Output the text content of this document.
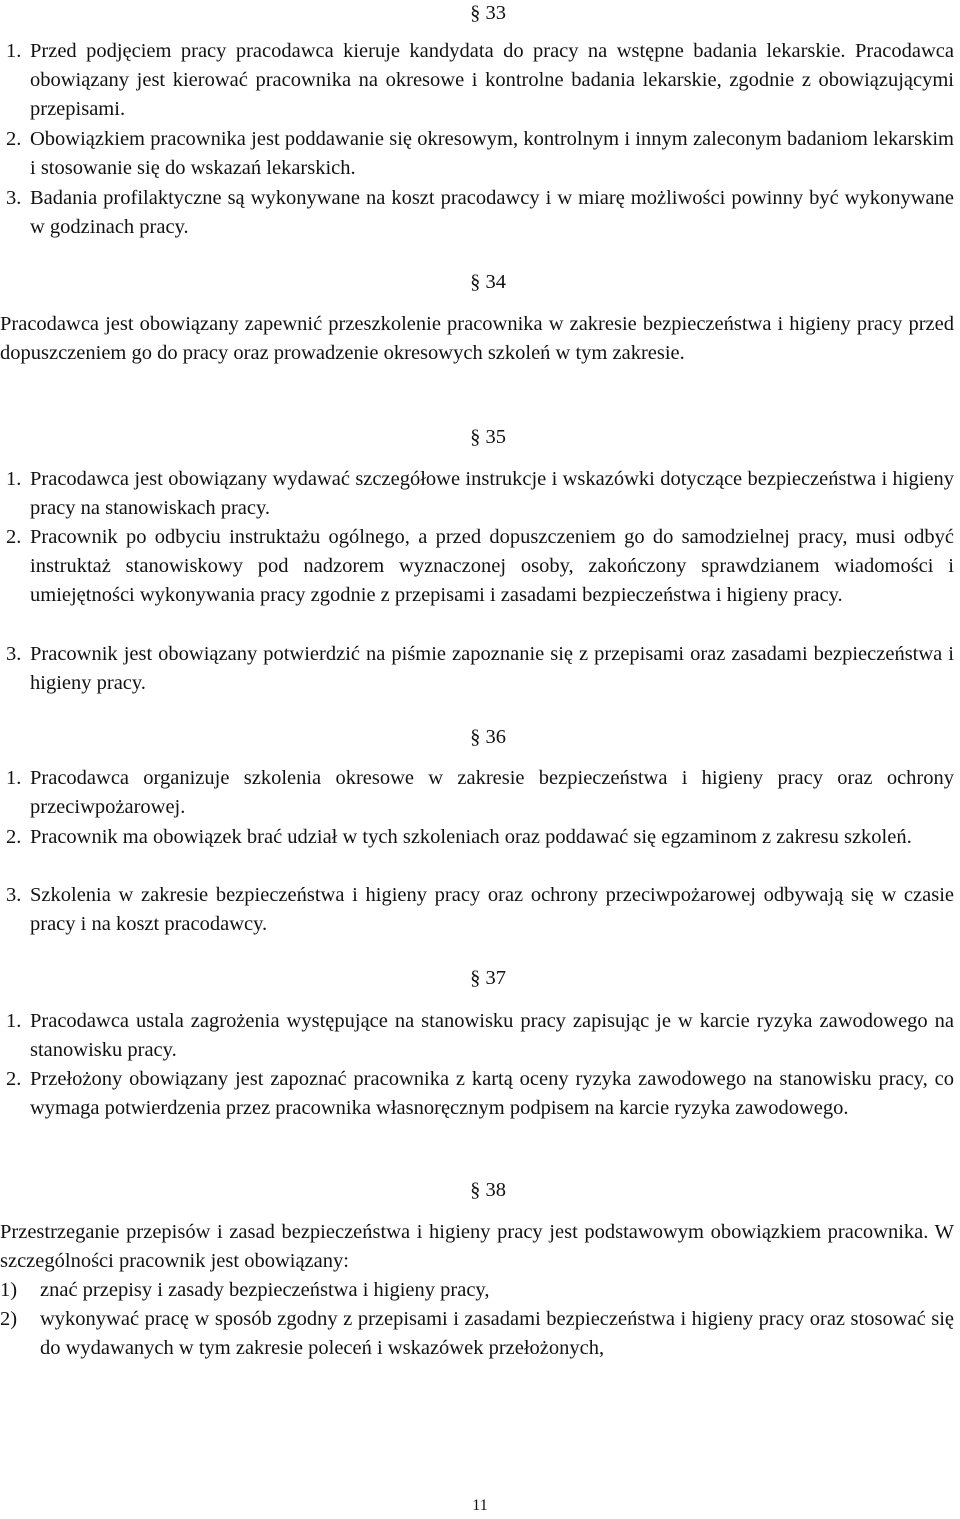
§ 33
1. Przed podjęciem pracy pracodawca kieruje kandydata do pracy na wstępne badania lekarskie. Pracodawca obowiązany jest kierować pracownika na okresowe i kontrolne badania lekarskie, zgodnie z obowiązującymi przepisami.
2. Obowiązkiem pracownika jest poddawanie się okresowym, kontrolnym i innym zaleconym badaniom lekarskim i stosowanie się do wskazań lekarskich.
3. Badania profilaktyczne są wykonywane na koszt pracodawcy i w miarę możliwości powinny być wykonywane w godzinach pracy.
§ 34
Pracodawca jest obowiązany zapewnić przeszkolenie pracownika w zakresie bezpieczeństwa i higieny pracy przed dopuszczeniem go do pracy oraz prowadzenie okresowych szkoleń w tym zakresie.
§ 35
1. Pracodawca jest obowiązany wydawać szczegółowe instrukcje i wskazówki dotyczące bezpieczeństwa i higieny pracy na stanowiskach pracy.
2. Pracownik po odbyciu instruktażu ogólnego, a przed dopuszczeniem go do samodzielnej pracy, musi odbyć instruktaż stanowiskowy pod nadzorem wyznaczonej osoby, zakończony sprawdzianem wiadomości i umiejętności wykonywania pracy zgodnie z przepisami i zasadami bezpieczeństwa i higieny pracy.
3. Pracownik jest obowiązany potwierdzić na piśmie zapoznanie się z przepisami oraz zasadami bezpieczeństwa i higieny pracy.
§ 36
1. Pracodawca organizuje szkolenia okresowe w zakresie bezpieczeństwa i higieny pracy oraz ochrony przeciwpożarowej.
2. Pracownik ma obowiązek brać udział w tych szkoleniach oraz poddawać się egzaminom z zakresu szkoleń.
3. Szkolenia w zakresie bezpieczeństwa i higieny pracy oraz ochrony przeciwpożarowej odbywają się w czasie pracy i na koszt pracodawcy.
§ 37
1. Pracodawca ustala zagrożenia występujące na stanowisku pracy zapisując je w karcie ryzyka zawodowego na stanowisku pracy.
2. Przełożony obowiązany jest zapoznać pracownika z kartą oceny ryzyka zawodowego na stanowisku pracy, co wymaga potwierdzenia przez pracownika własnoręcznym podpisem na karcie ryzyka zawodowego.
§ 38
Przestrzeganie przepisów i zasad bezpieczeństwa i higieny pracy jest podstawowym obowiązkiem pracownika. W szczególności pracownik jest obowiązany:
1) znać przepisy i zasady bezpieczeństwa i higieny pracy,
2) wykonywać pracę w sposób zgodny z przepisami i zasadami bezpieczeństwa i higieny pracy oraz stosować się do wydawanych w tym zakresie poleceń i wskazówek przełożonych,
11
